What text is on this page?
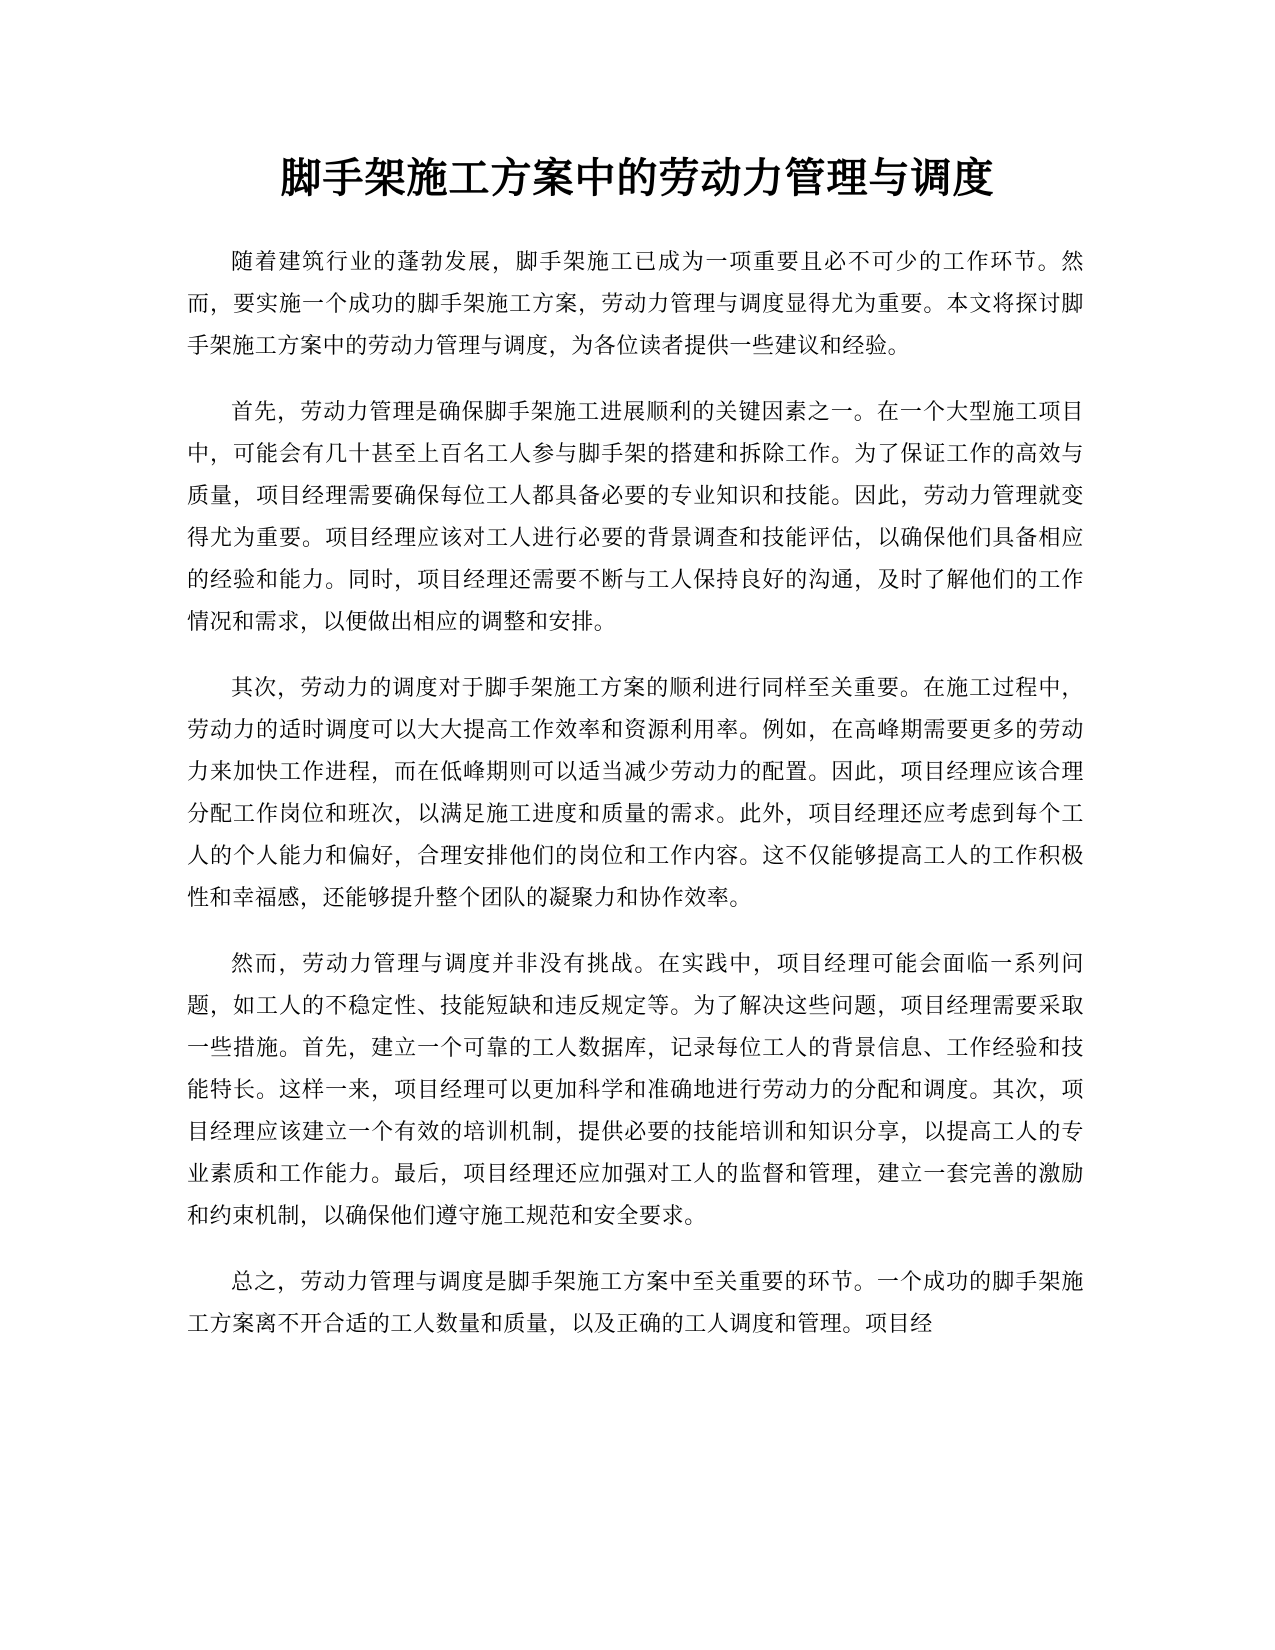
脚手架施工方案中的劳动力管理与调度

随着建筑行业的蓬勃发展，脚手架施工已成为一项重要且必不可少的工作环节。然而，要实施一个成功的脚手架施工方案，劳动力管理与调度显得尤为重要。本文将探讨脚手架施工方案中的劳动力管理与调度，为各位读者提供一些建议和经验。

首先，劳动力管理是确保脚手架施工进展顺利的关键因素之一。在一个大型施工项目中，可能会有几十甚至上百名工人参与脚手架的搭建和拆除工作。为了保证工作的高效与质量，项目经理需要确保每位工人都具备必要的专业知识和技能。因此，劳动力管理就变得尤为重要。项目经理应该对工人进行必要的背景调查和技能评估，以确保他们具备相应的经验和能力。同时，项目经理还需要不断与工人保持良好的沟通，及时了解他们的工作情况和需求，以便做出相应的调整和安排。

其次，劳动力的调度对于脚手架施工方案的顺利进行同样至关重要。在施工过程中，劳动力的适时调度可以大大提高工作效率和资源利用率。例如，在高峰期需要更多的劳动力来加快工作进程，而在低峰期则可以适当减少劳动力的配置。因此，项目经理应该合理分配工作岗位和班次，以满足施工进度和质量的需求。此外，项目经理还应考虑到每个工人的个人能力和偏好，合理安排他们的岗位和工作内容。这不仅能够提高工人的工作积极性和幸福感，还能够提升整个团队的凝聚力和协作效率。

然而，劳动力管理与调度并非没有挑战。在实践中，项目经理可能会面临一系列问题，如工人的不稳定性、技能短缺和违反规定等。为了解决这些问题，项目经理需要采取一些措施。首先，建立一个可靠的工人数据库，记录每位工人的背景信息、工作经验和技能特长。这样一来，项目经理可以更加科学和准确地进行劳动力的分配和调度。其次，项目经理应该建立一个有效的培训机制，提供必要的技能培训和知识分享，以提高工人的专业素质和工作能力。最后，项目经理还应加强对工人的监督和管理，建立一套完善的激励和约束机制，以确保他们遵守施工规范和安全要求。

总之，劳动力管理与调度是脚手架施工方案中至关重要的环节。一个成功的脚手架施工方案离不开合适的工人数量和质量，以及正确的工人调度和管理。项目经
